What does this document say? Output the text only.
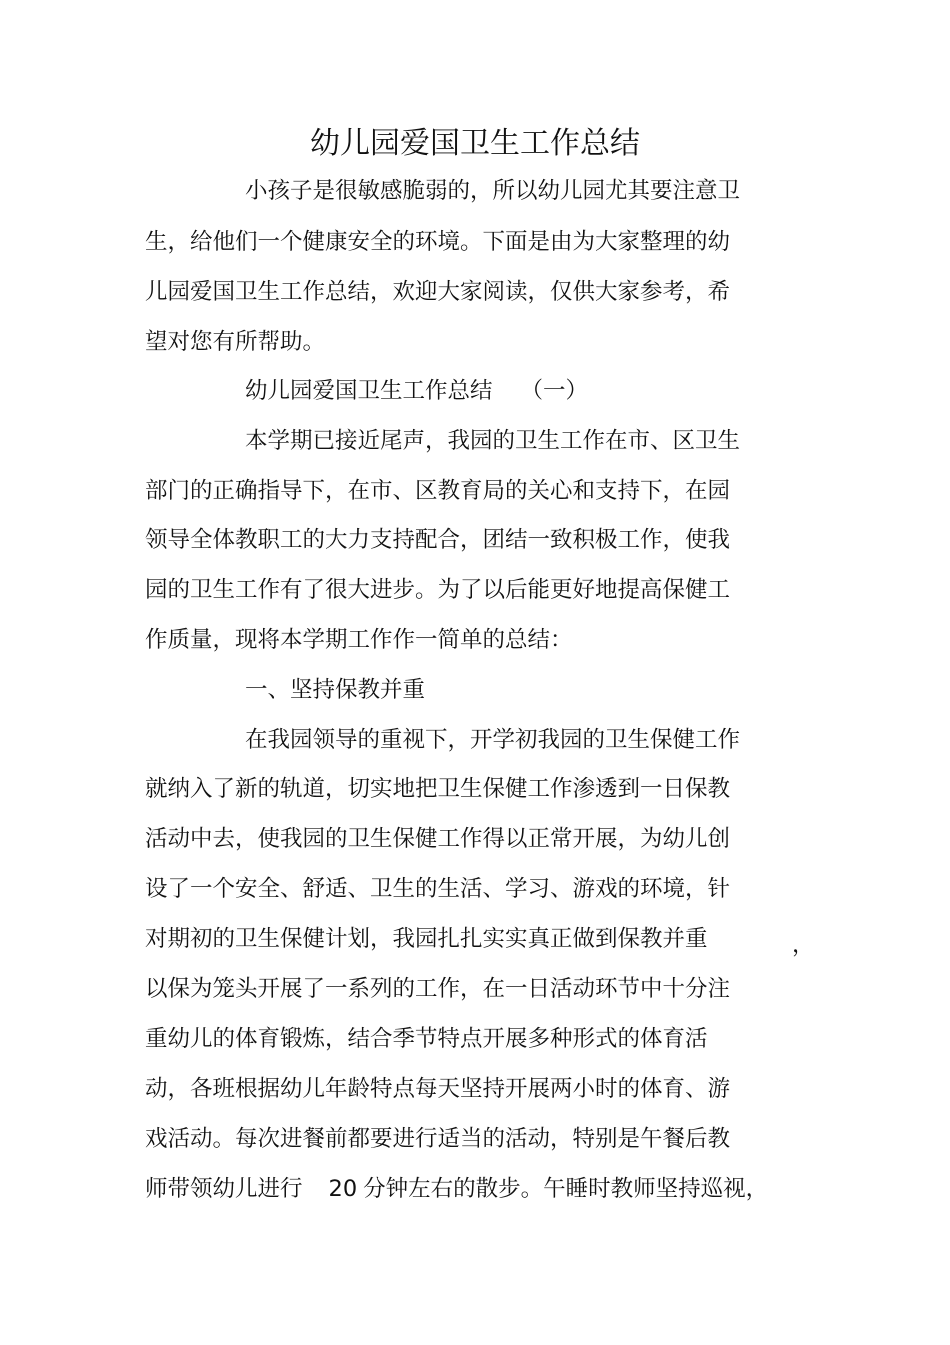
幼儿园爱国卫生工作总结
小孩子是很敏感脆弱的，所以幼儿园尤其要注意卫
生，给他们一个健康安全的环境。下面是由为大家整理的幼
儿园爱国卫生工作总结，欢迎大家阅读，仅供大家参考，希
望对您有所帮助。
幼儿园爱国卫生工作总结 （一）
本学期已接近尾声，我园的卫生工作在市、区卫生
部门的正确指导下，在市、区教育局的关心和支持下，在园
领导全体教职工的大力支持配合，团结一致积极工作，使我
园的卫生工作有了很大进步。为了以后能更好地提高保健工
作质量，现将本学期工作作一简单的总结：
一、坚持保教并重
在我园领导的重视下，开学初我园的卫生保健工作
就纳入了新的轨道，切实地把卫生保健工作渗透到一日保教
活动中去，使我园的卫生保健工作得以正常开展，为幼儿创
设了一个安全、舒适、卫生的生活、学习、游戏的环境，针
对期初的卫生保健计划，我园扎扎实实真正做到保教并重	，
以保为笼头开展了一系列的工作，在一日活动环节中十分注
重幼儿的体育锻炼，结合季节特点开展多种形式的体育活
动，各班根据幼儿年龄特点每天坚持开展两小时的体育、游
戏活动。每次进餐前都要进行适当的活动，特别是午餐后教
师带领幼儿进行 20 分钟左右的散步。午睡时教师坚持巡视，
